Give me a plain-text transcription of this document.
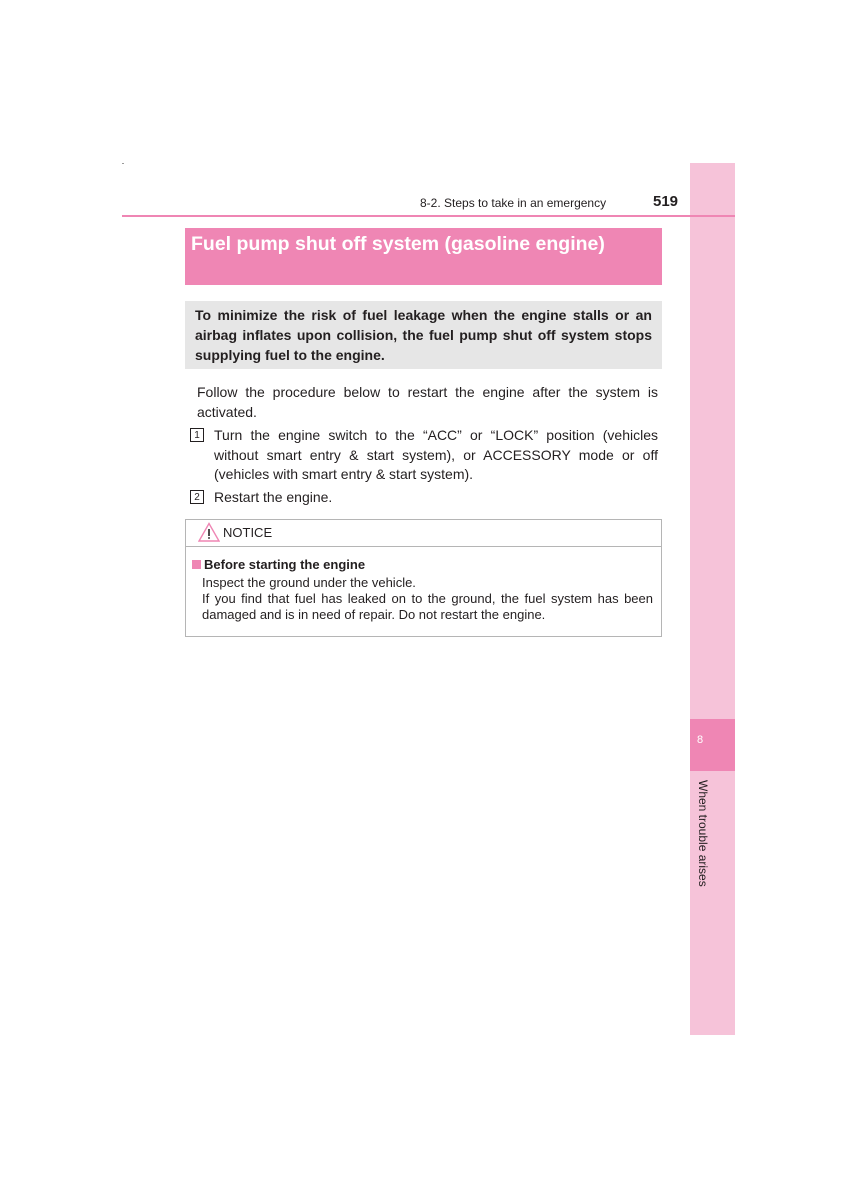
8
When trouble arises
8-2. Steps to take in an emergency	519
Fuel pump shut off system (gasoline engine)
To minimize the risk of fuel leakage when the engine stalls or an airbag inflates upon collision, the fuel pump shut off system stops supplying fuel to the engine.

Follow the procedure below to restart the engine after the system is activated.

1	Turn the engine switch to the “ACC” or “LOCK” position (vehicles without smart entry & start system), or ACCESSORY mode or off (vehicles with smart entry & start system).
2	Restart the engine.
NOTICE
Before starting the engine
Inspect the ground under the vehicle.
If you find that fuel has leaked on to the ground, the fuel system has been damaged and is in need of repair. Do not restart the engine.
